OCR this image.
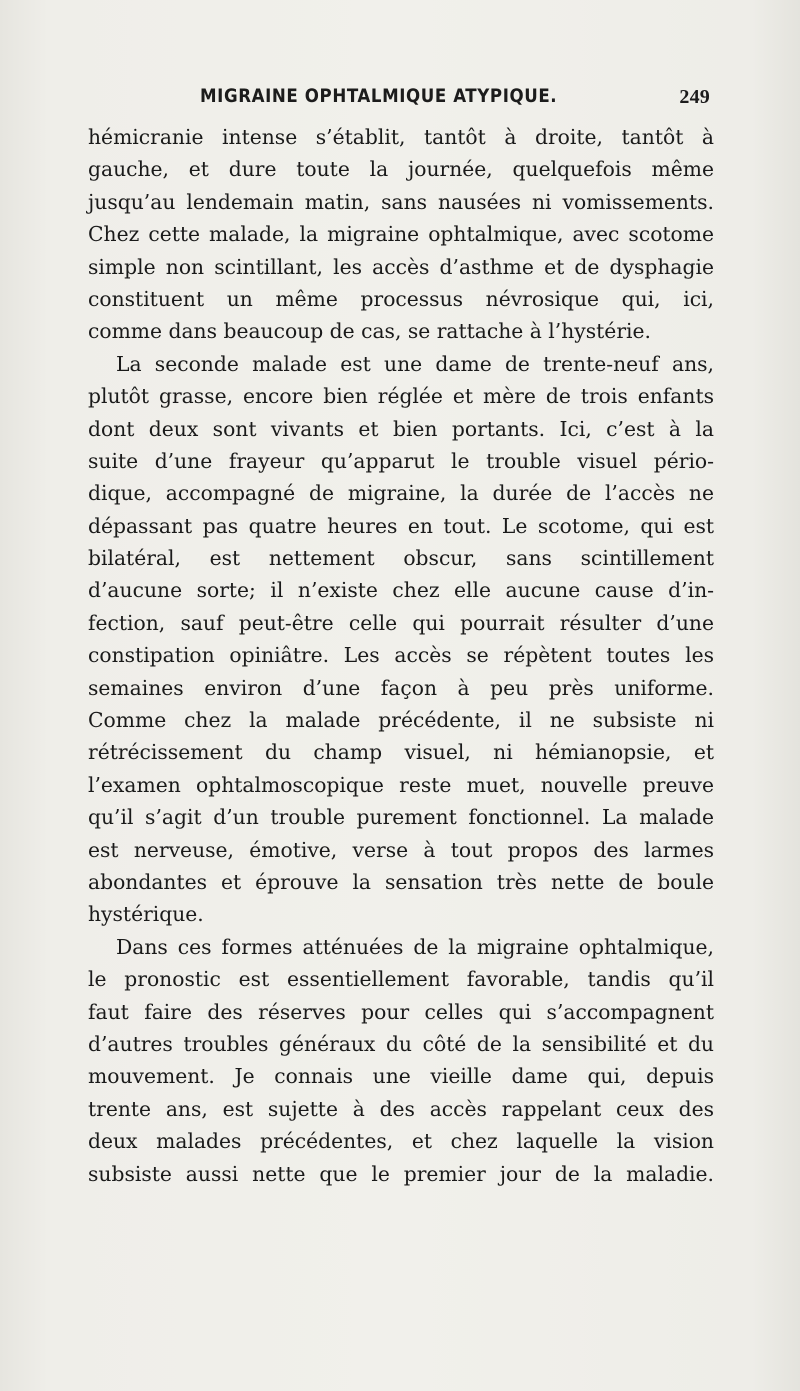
MIGRAINE OPHTALMIQUE ATYPIQUE.	249
hémicranie intense s’établit, tantôt à droite, tantôt à
gauche, et dure toute la journée, quelquefois même
jusqu’au lendemain matin, sans nausées ni vomissements.
Chez cette malade, la migraine ophtalmique, avec scotome
simple non scintillant, les accès d’asthme et de dysphagie
constituent un même processus névrosique qui, ici,
comme dans beaucoup de cas, se rattache à l’hystérie.
La seconde malade est une dame de trente-neuf ans,
plutôt grasse, encore bien réglée et mère de trois enfants
dont deux sont vivants et bien portants. Ici, c’est à la
suite d’une frayeur qu’apparut le trouble visuel pério-
dique, accompagné de migraine, la durée de l’accès ne
dépassant pas quatre heures en tout. Le scotome, qui est
bilatéral, est nettement obscur, sans scintillement
d’aucune sorte; il n’existe chez elle aucune cause d’in-
fection, sauf peut-être celle qui pourrait résulter d’une
constipation opiniâtre. Les accès se répètent toutes les
semaines environ d’une façon à peu près uniforme.
Comme chez la malade précédente, il ne subsiste ni
rétrécissement du champ visuel, ni hémianopsie, et
l’examen ophtalmoscopique reste muet, nouvelle preuve
qu’il s’agit d’un trouble purement fonctionnel. La malade
est nerveuse, émotive, verse à tout propos des larmes
abondantes et éprouve la sensation très nette de boule
hystérique.
Dans ces formes atténuées de la migraine ophtalmique,
le pronostic est essentiellement favorable, tandis qu’il
faut faire des réserves pour celles qui s’accompagnent
d’autres troubles généraux du côté de la sensibilité et du
mouvement. Je connais une vieille dame qui, depuis
trente ans, est sujette à des accès rappelant ceux des
deux malades précédentes, et chez laquelle la vision
subsiste aussi nette que le premier jour de la maladie.
